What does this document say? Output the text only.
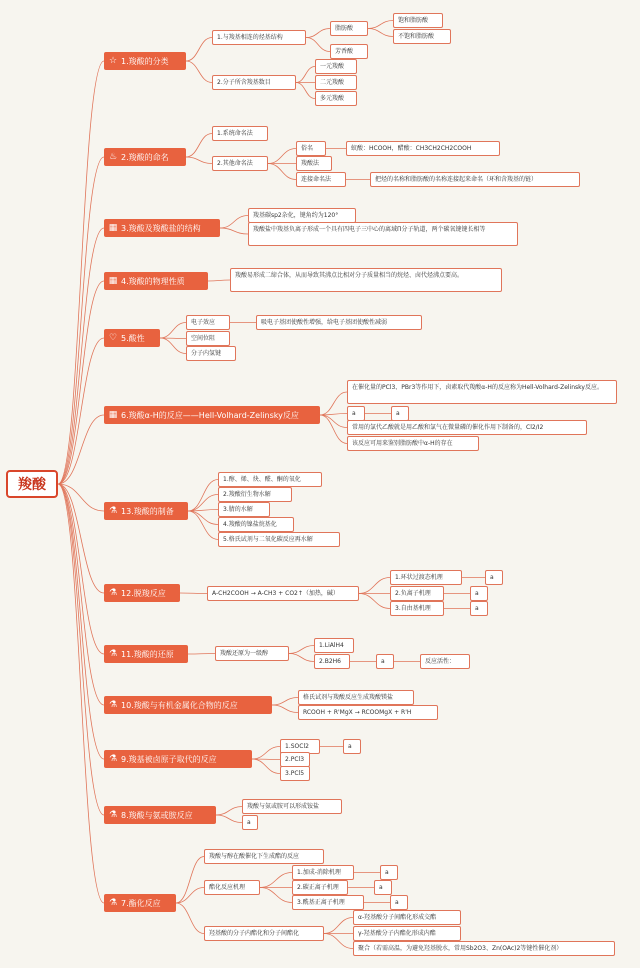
羧酸
☆ 1.羧酸的分类
1.与羧基相连的烃基结构
脂肪酸
饱和脂肪酸
不饱和脂肪酸
芳香酸
2.分子所含羧基数目
一元羧酸
二元羧酸
多元羧酸
♨ 2.羧酸的命名
1.系统命名法
2.其他命名法
俗名	蚁酸：HCOOH，醋酸：CH3CH2CH2COOH
羧酸法
连接命名法	把烃的名称和脂肪酸的名称连接起来命名（环和含羧基的链）
▦ 3.羧酸及羧酸盐的结构
羧基碳sp2杂化，键角约为120°
羧酸盐中羧基负离子形成一个具有四电子三中心的离域Π分子轨道，两个碳氧键键长相等
▦ 4.羧酸的物理性质
羧酸易形成二缔合体，从而导致其沸点比相对分子质量相当的烷烃、卤代烃沸点要高。
♡ 5.酸性
电子效应	吸电子基团使酸性增强，给电子基团使酸性减弱
空间位阻
分子内氢键
▦ 6.羧酸α-H的反应——Hell-Volhard-Zelinsky反应
在催化量的PCl3、PBr3等作用下，卤素取代羧酸α-H的反应称为Hell-Volhard-Zelinsky反应。
a	a
常用的氯代乙酸就是用乙酸和氯气在微量磷的催化作用下制备的，Cl2/I2
该反应可用来鉴别脂肪酸中α-H的存在
⚗ 13.羧酸的制备
1.醇、烯、炔、醛、酮的氧化
2.羧酸衍生物水解
3.腈的水解
4.羧酸的镍盐烷基化
5.格氏试剂与二氧化碳反应再水解
⚗ 12.脱羧反应	A-CH2COOH → A-CH3 + CO2↑（加热，碱）
1.环状过渡态机理	a
2.负离子机理	a
3.自由基机理	a
⚗ 11.羧酸的还原	羧酸还原为一级醇
1.LiAlH4
2.B2H6	a	反应活性：
⚗ 10.羧酸与有机金属化合物的反应
格氏试剂与羧酸反应生成羧酸镁盐
RCOOH + R'MgX → RCOOMgX + R'H
⚗ 9.羧基被卤原子取代的反应
1.SOCl2	a
2.PCl3
3.PCl5
⚗ 8.羧酸与氨或胺反应
羧酸与氨或胺可以形成铵盐
a
⚗ 7.酯化反应
羧酸与醇在酸催化下生成酯的反应
酯化反应机理
1.加成-消除机理	a
2.碳正离子机理	a
3.酰基正离子机理	a
羟基酸的分子内酯化和分子间酯化
α-羟基酸分子间酯化形成交酯
γ-羟基酸分子内酯化形成内酯
聚合（若需高温，为避免羟基脱水，常用Sb2O3、Zn(OAc)2等键性催化剂）
